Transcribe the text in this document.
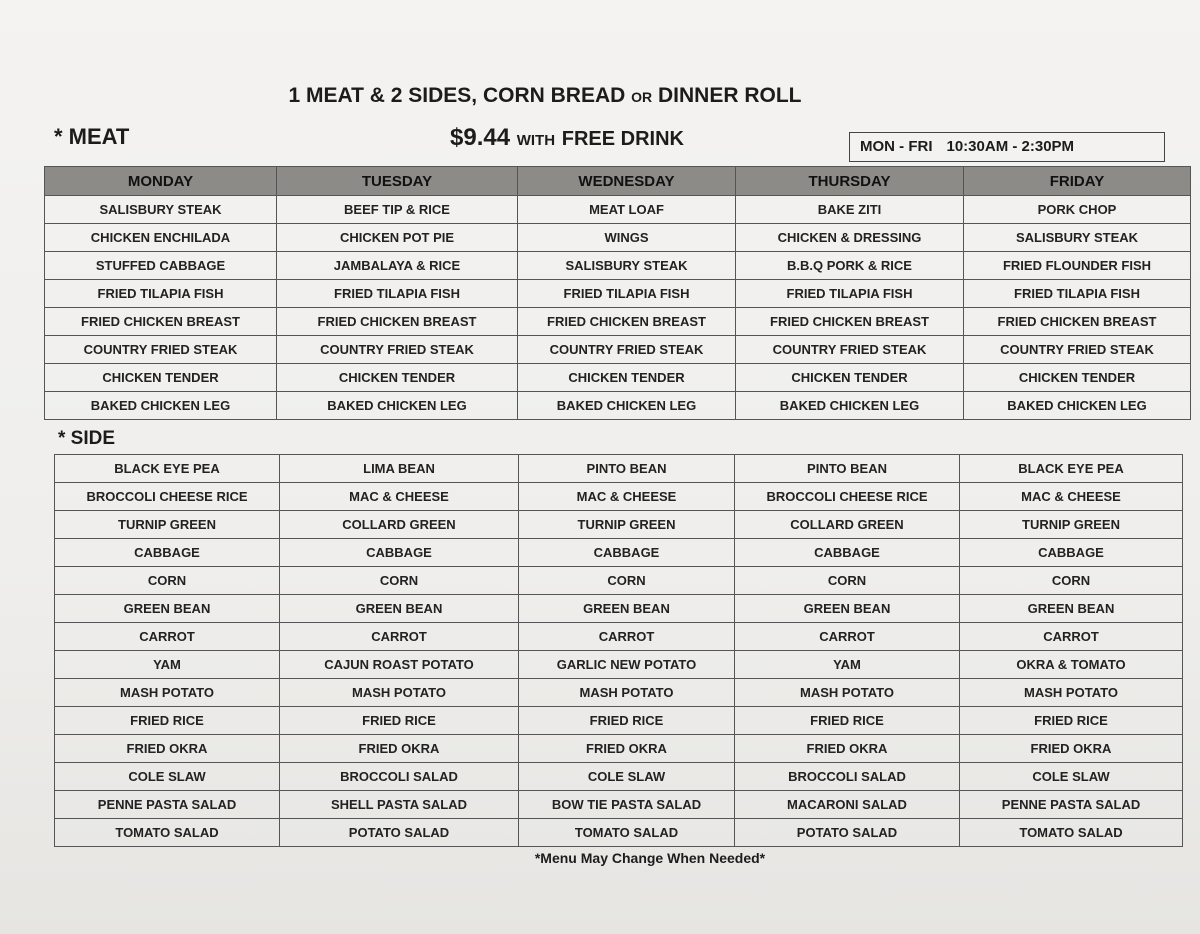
1 MEAT & 2 SIDES, CORN BREAD OR DINNER ROLL
* MEAT	$9.44 WITH FREE DRINK	MON - FRI 10:30AM - 2:30PM
MONDAY	TUESDAY	WEDNESDAY	THURSDAY	FRIDAY
SALISBURY STEAK	BEEF TIP & RICE	MEAT LOAF	BAKE ZITI	PORK CHOP
CHICKEN ENCHILADA	CHICKEN POT PIE	WINGS	CHICKEN & DRESSING	SALISBURY STEAK
STUFFED CABBAGE	JAMBALAYA & RICE	SALISBURY STEAK	B.B.Q PORK & RICE	FRIED FLOUNDER FISH
FRIED TILAPIA FISH	FRIED TILAPIA FISH	FRIED TILAPIA FISH	FRIED TILAPIA FISH	FRIED TILAPIA FISH
FRIED CHICKEN BREAST	FRIED CHICKEN BREAST	FRIED CHICKEN BREAST	FRIED CHICKEN BREAST	FRIED CHICKEN BREAST
COUNTRY FRIED STEAK	COUNTRY FRIED STEAK	COUNTRY FRIED STEAK	COUNTRY FRIED STEAK	COUNTRY FRIED STEAK
CHICKEN TENDER	CHICKEN TENDER	CHICKEN TENDER	CHICKEN TENDER	CHICKEN TENDER
BAKED CHICKEN LEG	BAKED CHICKEN LEG	BAKED CHICKEN LEG	BAKED CHICKEN LEG	BAKED CHICKEN LEG
* SIDE
BLACK EYE PEA	LIMA BEAN	PINTO BEAN	PINTO BEAN	BLACK EYE PEA
BROCCOLI CHEESE RICE	MAC & CHEESE	MAC & CHEESE	BROCCOLI CHEESE RICE	MAC & CHEESE
TURNIP GREEN	COLLARD GREEN	TURNIP GREEN	COLLARD GREEN	TURNIP GREEN
CABBAGE	CABBAGE	CABBAGE	CABBAGE	CABBAGE
CORN	CORN	CORN	CORN	CORN
GREEN BEAN	GREEN BEAN	GREEN BEAN	GREEN BEAN	GREEN BEAN
CARROT	CARROT	CARROT	CARROT	CARROT
YAM	CAJUN ROAST POTATO	GARLIC NEW POTATO	YAM	OKRA & TOMATO
MASH POTATO	MASH POTATO	MASH POTATO	MASH POTATO	MASH POTATO
FRIED RICE	FRIED RICE	FRIED RICE	FRIED RICE	FRIED RICE
FRIED OKRA	FRIED OKRA	FRIED OKRA	FRIED OKRA	FRIED OKRA
COLE SLAW	BROCCOLI SALAD	COLE SLAW	BROCCOLI SALAD	COLE SLAW
PENNE PASTA SALAD	SHELL PASTA SALAD	BOW TIE PASTA SALAD	MACARONI SALAD	PENNE PASTA SALAD
TOMATO SALAD	POTATO SALAD	TOMATO SALAD	POTATO SALAD	TOMATO SALAD
*Menu May Change When Needed*
